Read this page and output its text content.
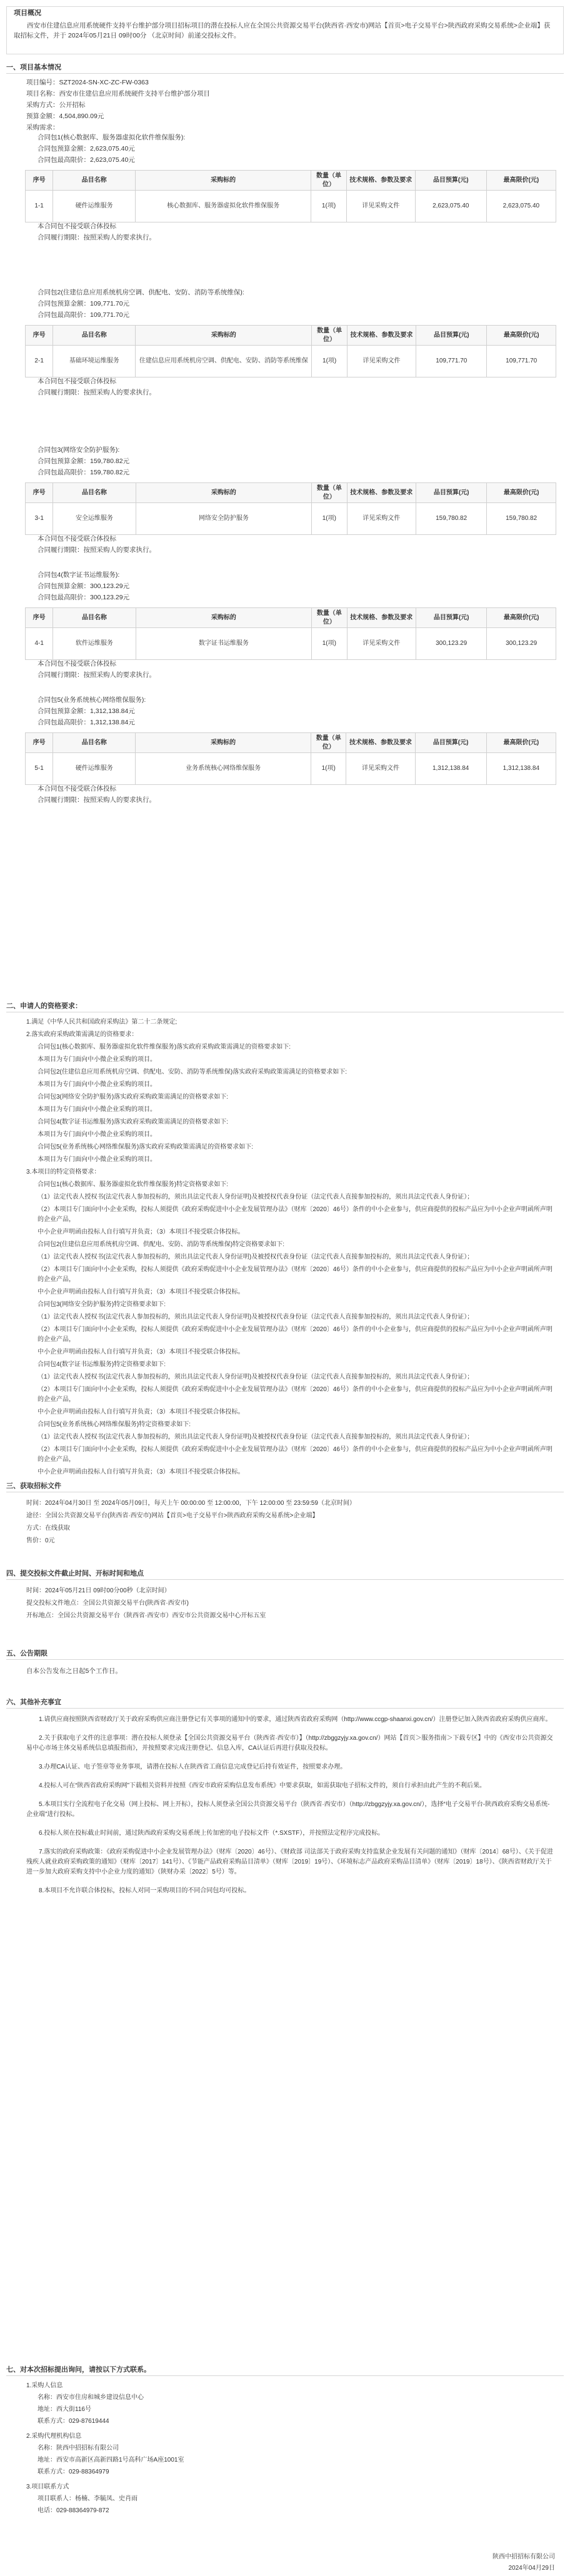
项目概况
西安市住建信息应用系统硬件支持平台维护部分项目招标项目的潜在投标人应在全国公共资源交易平台(陕西省·西安市)网站【首页>电子交易平台>陕西政府采购交易系统>企业端】获取招标文件，并于 2024年05月21日 09时00分 （北京时间）前递交投标文件。
一、项目基本情况
项目编号：SZT2024-SN-XC-ZC-FW-0363
项目名称：西安市住建信息应用系统硬件支持平台维护部分项目
采购方式：公开招标
预算金额：4,504,890.09元
采购需求：
合同包1(核心数据库、服务器虚拟化软件维保服务):
合同包预算金额：2,623,075.40元
合同包最高限价：2,623,075.40元
序号	品目名称	采购标的	数量（单位）	技术规格、参数及要求	品目预算(元)	最高限价(元)
1-1	硬件运维服务	核心数据库、服务器虚拟化软件维保服务	1(项)	详见采购文件	2,623,075.40	2,623,075.40
本合同包不接受联合体投标
合同履行期限：按照采购人的要求执行。
合同包2(住建信息应用系统机房空调、供配电、安防、消防等系统维保):
合同包预算金额：109,771.70元
合同包最高限价：109,771.70元
序号	品目名称	采购标的	数量（单位）	技术规格、参数及要求	品目预算(元)	最高限价(元)
2-1	基础环境运维服务	住建信息应用系统机房空调、供配电、安防、消防等系统维保	1(项)	详见采购文件	109,771.70	109,771.70
本合同包不接受联合体投标
合同履行期限：按照采购人的要求执行。
合同包3(网络安全防护服务):
合同包预算金额：159,780.82元
合同包最高限价：159,780.82元
序号	品目名称	采购标的	数量（单位）	技术规格、参数及要求	品目预算(元)	最高限价(元)
3-1	安全运维服务	网络安全防护服务	1(项)	详见采购文件	159,780.82	159,780.82
本合同包不接受联合体投标
合同履行期限：按照采购人的要求执行。
合同包4(数字证书运维服务):
合同包预算金额：300,123.29元
合同包最高限价：300,123.29元
序号	品目名称	采购标的	数量（单位）	技术规格、参数及要求	品目预算(元)	最高限价(元)
4-1	软件运维服务	数字证书运维服务	1(项)	详见采购文件	300,123.29	300,123.29
本合同包不接受联合体投标
合同履行期限：按照采购人的要求执行。
合同包5(业务系统核心网络维保服务):
合同包预算金额：1,312,138.84元
合同包最高限价：1,312,138.84元
序号	品目名称	采购标的	数量（单位）	技术规格、参数及要求	品目预算(元)	最高限价(元)
5-1	硬件运维服务	业务系统核心网络维保服务	1(项)	详见采购文件	1,312,138.84	1,312,138.84
本合同包不接受联合体投标
合同履行期限：按照采购人的要求执行。
二、申请人的资格要求：
1.满足《中华人民共和国政府采购法》第二十二条规定;
2.落实政府采购政策需满足的资格要求：
合同包1(核心数据库、服务器虚拟化软件维保服务)落实政府采购政策需满足的资格要求如下:
本项目为专门面向中小微企业采购的项目。
合同包2(住建信息应用系统机房空调、供配电、安防、消防等系统维保)落实政府采购政策需满足的资格要求如下:
本项目为专门面向中小微企业采购的项目。
合同包3(网络安全防护服务)落实政府采购政策需满足的资格要求如下:
本项目为专门面向中小微企业采购的项目。
合同包4(数字证书运维服务)落实政府采购政策需满足的资格要求如下:
本项目为专门面向中小微企业采购的项目。
合同包5(业务系统核心网络维保服务)落实政府采购政策需满足的资格要求如下:
本项目为专门面向中小微企业采购的项目。
3.本项目的特定资格要求：
合同包1(核心数据库、服务器虚拟化软件维保服务)特定资格要求如下:
（1）法定代表人授权书(法定代表人参加投标的，须出具法定代表人身份证明)及被授权代表身份证（法定代表人直接参加投标的，须出具法定代表人身份证）；
（2）本项目专门面向中小企业采购，投标人须提供《政府采购促进中小企业发展管理办法》（财库〔2020〕46号）条件的中小企业参与，供应商提供的投标产品应为中小企业声明函所声明的企业产品，
中小企业声明函由投标人自行填写并负责；（3）本项目不接受联合体投标。
合同包2(住建信息应用系统机房空调、供配电、安防、消防等系统维保)特定资格要求如下:
（1）法定代表人授权书(法定代表人参加投标的，须出具法定代表人身份证明)及被授权代表身份证（法定代表人直接参加投标的，须出具法定代表人身份证）；
（2）本项目专门面向中小企业采购，投标人须提供《政府采购促进中小企业发展管理办法》（财库〔2020〕46号）条件的中小企业参与，供应商提供的投标产品应为中小企业声明函所声明的企业产品，
中小企业声明函由投标人自行填写并负责；（3）本项目不接受联合体投标。
合同包3(网络安全防护服务)特定资格要求如下:
（1）法定代表人授权书(法定代表人参加投标的，须出具法定代表人身份证明)及被授权代表身份证（法定代表人直接参加投标的，须出具法定代表人身份证）；
（2）本项目专门面向中小企业采购，投标人须提供《政府采购促进中小企业发展管理办法》（财库〔2020〕46号）条件的中小企业参与，供应商提供的投标产品应为中小企业声明函所声明的企业产品，
中小企业声明函由投标人自行填写并负责；（3）本项目不接受联合体投标。
合同包4(数字证书运维服务)特定资格要求如下:
（1）法定代表人授权书(法定代表人参加投标的，须出具法定代表人身份证明)及被授权代表身份证（法定代表人直接参加投标的，须出具法定代表人身份证）；
（2）本项目专门面向中小企业采购，投标人须提供《政府采购促进中小企业发展管理办法》（财库〔2020〕46号）条件的中小企业参与，供应商提供的投标产品应为中小企业声明函所声明的企业产品，
中小企业声明函由投标人自行填写并负责；（3）本项目不接受联合体投标。
合同包5(业务系统核心网络维保服务)特定资格要求如下:
（1）法定代表人授权书(法定代表人参加投标的，须出具法定代表人身份证明)及被授权代表身份证（法定代表人直接参加投标的，须出具法定代表人身份证）；
（2）本项目专门面向中小企业采购，投标人须提供《政府采购促进中小企业发展管理办法》（财库〔2020〕46号）条件的中小企业参与，供应商提供的投标产品应为中小企业声明函所声明的企业产品，
中小企业声明函由投标人自行填写并负责；（3）本项目不接受联合体投标。
三、获取招标文件
时间：2024年04月30日 至 2024年05月09日，每天上午 00:00:00 至 12:00:00，下午 12:00:00 至 23:59:59（北京时间）
途径：全国公共资源交易平台(陕西省·西安市)网站【首页>电子交易平台>陕西政府采购交易系统>企业端】
方式：在线获取
售价：0元
四、提交投标文件截止时间、开标时间和地点
时间：2024年05月21日 09时00分00秒（北京时间）
提交投标文件地点：全国公共资源交易平台(陕西省·西安市)
开标地点：全国公共资源交易平台（陕西省·西安市）西安市公共资源交易中心开标五室
五、公告期限
自本公告发布之日起5个工作日。
六、其他补充事宜

1.请供应商按照陕西省财政厅关于政府采购供应商注册登记有关事项的通知中的要求，通过陕西省政府采购网（http://www.ccgp-shaanxi.gov.cn/）注册登记加入陕西省政府采购供应商库。

2.关于获取电子文件的注意事项：潜在投标人须登录【全国公共资源交易平台（陕西省·西安市）】（http://zbggzyjy.xa.gov.cn/）网站【首页＞服务指南＞下载专区】中的《西安市公共资源交易中心市场主体交易系统信息填报指南》，并按照要求完成注册登记、信息入库，CA认证后再进行获取及投标。

3.办理CA认证、电子签章等业务事项，请潜在投标人在陕西省工商信息完成登记后持有效证件，按照要求办理。

4.投标人可在“陕西省政府采购网”下载相关资料并按照《西安市政府采购信息发布系统》中要求获取，如需获取电子招标文件的，须自行承担由此产生的不利后果。

5.本项目实行全流程电子化交易（网上投标、网上开标），投标人须登录全国公共资源交易平台（陕西省·西安市）（http://zbggzyjy.xa.gov.cn/），选择“电子交易平台-陕西政府采购交易系统-企业端”进行投标。

6.投标人须在投标截止时间前，通过陕西政府采购交易系统上传加密的电子投标文件（*.SXSTF），并按照法定程序完成投标。

7.落实的政府采购政策：《政府采购促进中小企业发展管理办法》（财库〔2020〕46号）、《财政部 司法部关于政府采购支持监狱企业发展有关问题的通知》（财库〔2014〕68号）、《关于促进残疾人就业政府采购政策的通知》（财库〔2017〕141号）、《节能产品政府采购品目清单》（财库〔2019〕19号）、《环境标志产品政府采购品目清单》（财库〔2019〕18号）、《陕西省财政厅关于进一步加大政府采购支持中小企业力度的通知》（陕财办采〔2022〕5号）等。

8.本项目不允许联合体投标，投标人对同一采购项目的不同合同包均可投标。

七、对本次招标提出询问，请按以下方式联系。
1.采购人信息
名称：西安市住房和城乡建设信息中心
地址：西大街116号
联系方式：029-87619444
2.采购代理机构信息
名称：陕西中招招标有限公司
地址：西安市高新区高新四路1号高科广场A座1001室
联系方式：029-88364979
3.项目联系方式
项目联系人：杨楠、李毓凤、史肖雨
电话：029-88364979-872
陕西中招招标有限公司
2024年04月29日
